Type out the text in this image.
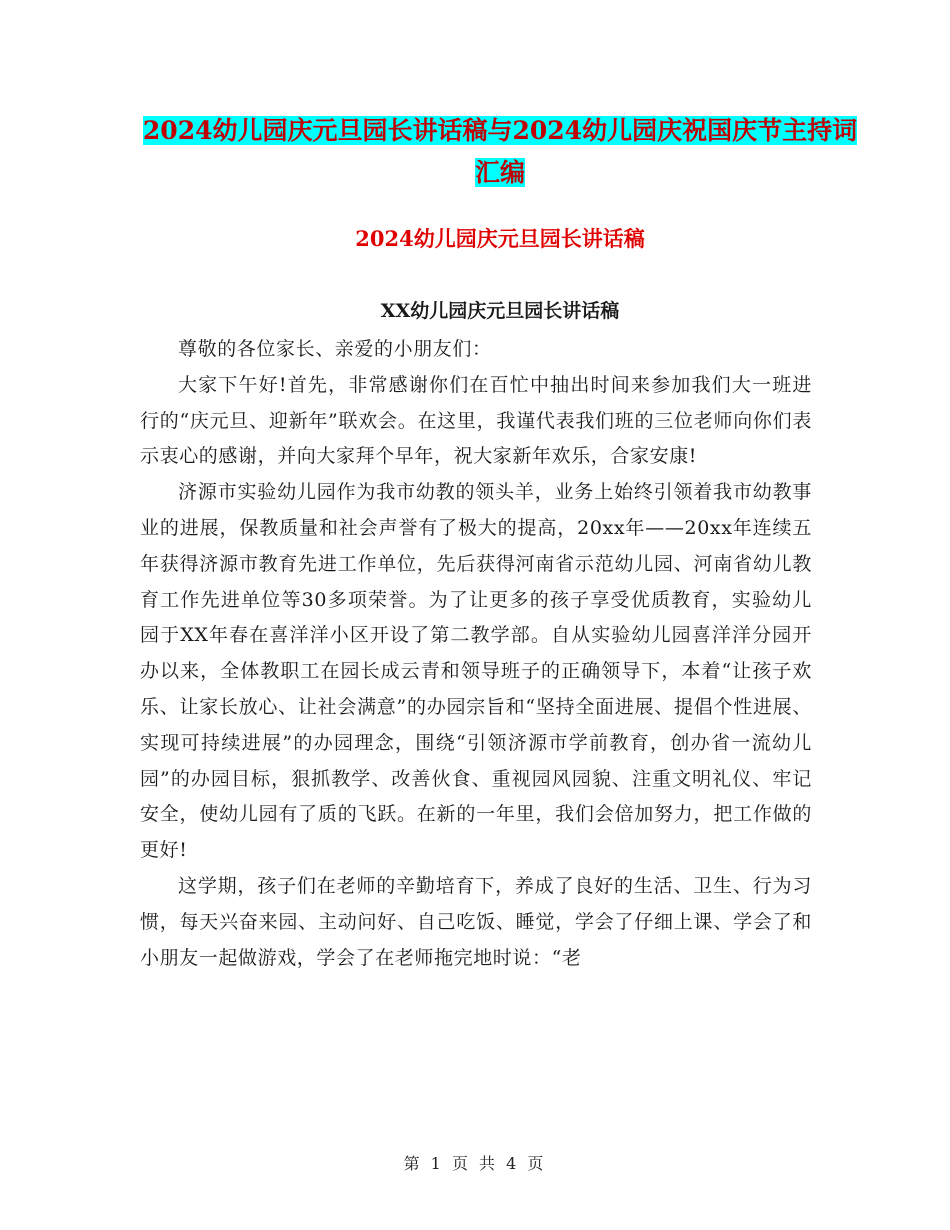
2024幼儿园庆元旦园长讲话稿与2024幼儿园庆祝国庆节主持词汇编
2024幼儿园庆元旦园长讲话稿
XX幼儿园庆元旦园长讲话稿

尊敬的各位家长、亲爱的小朋友们：

大家下午好!首先，非常感谢你们在百忙中抽出时间来参加我们大一班进行的“庆元旦、迎新年”联欢会。在这里，我谨代表我们班的三位老师向你们表示衷心的感谢，并向大家拜个早年，祝大家新年欢乐，合家安康!

济源市实验幼儿园作为我市幼教的领头羊，业务上始终引领着我市幼教事业的进展，保教质量和社会声誉有了极大的提高，20xx年——20xx年连续五年获得济源市教育先进工作单位，先后获得河南省示范幼儿园、河南省幼儿教育工作先进单位等30多项荣誉。为了让更多的孩子享受优质教育，实验幼儿园于XX年春在喜洋洋小区开设了第二教学部。自从实验幼儿园喜洋洋分园开办以来，全体教职工在园长成云青和领导班子的正确领导下，本着“让孩子欢乐、让家长放心、让社会满意”的办园宗旨和“坚持全面进展、提倡个性进展、实现可持续进展”的办园理念，围绕“引领济源市学前教育，创办省一流幼儿园”的办园目标，狠抓教学、改善伙食、重视园风园貌、注重文明礼仪、牢记安全，使幼儿园有了质的飞跃。在新的一年里，我们会倍加努力，把工作做的更好!

这学期，孩子们在老师的辛勤培育下，养成了良好的生活、卫生、行为习惯，每天兴奋来园、主动问好、自己吃饭、睡觉，学会了仔细上课、学会了和小朋友一起做游戏，学会了在老师拖完地时说：“老

第 1 页 共 4 页
